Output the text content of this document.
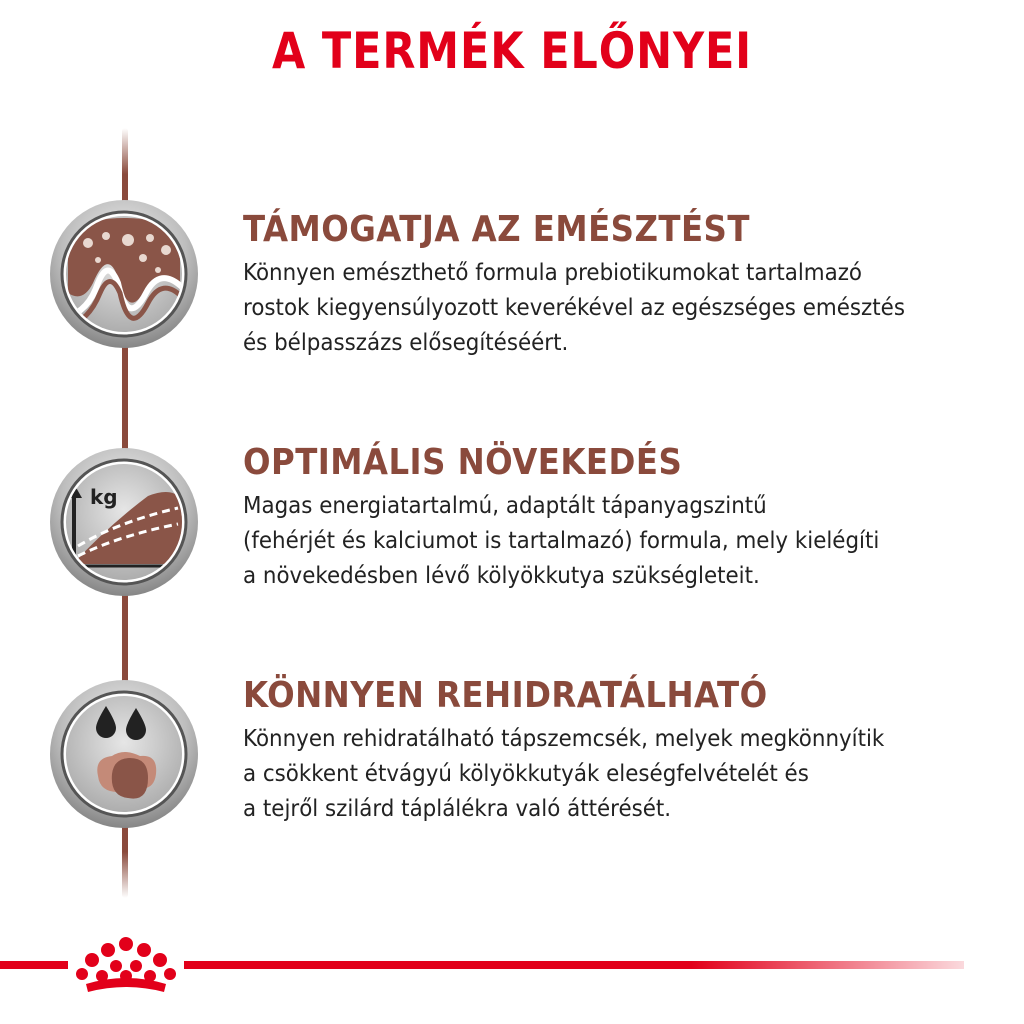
A TERMÉK ELŐNYEI
kg
TÁMOGATJA AZ EMÉSZTÉST

Könnyen emészthető formula prebiotikumokat tartalmazó
rostok kiegyensúlyozott keverékével az egészséges emésztés
és bélpasszázs elősegítéséért.

OPTIMÁLIS NÖVEKEDÉS

Magas energiatartalmú, adaptált tápanyagszintű
(fehérjét és kalciumot is tartalmazó) formula, mely kielégíti
a növekedésben lévő kölyökkutya szükségleteit.

KÖNNYEN REHIDRATÁLHATÓ

Könnyen rehidratálható tápszemcsék, melyek megkönnyítik
a csökkent étvágyú kölyökkutyák eleségfelvételét és
a tejről szilárd táplálékra való áttérését.
